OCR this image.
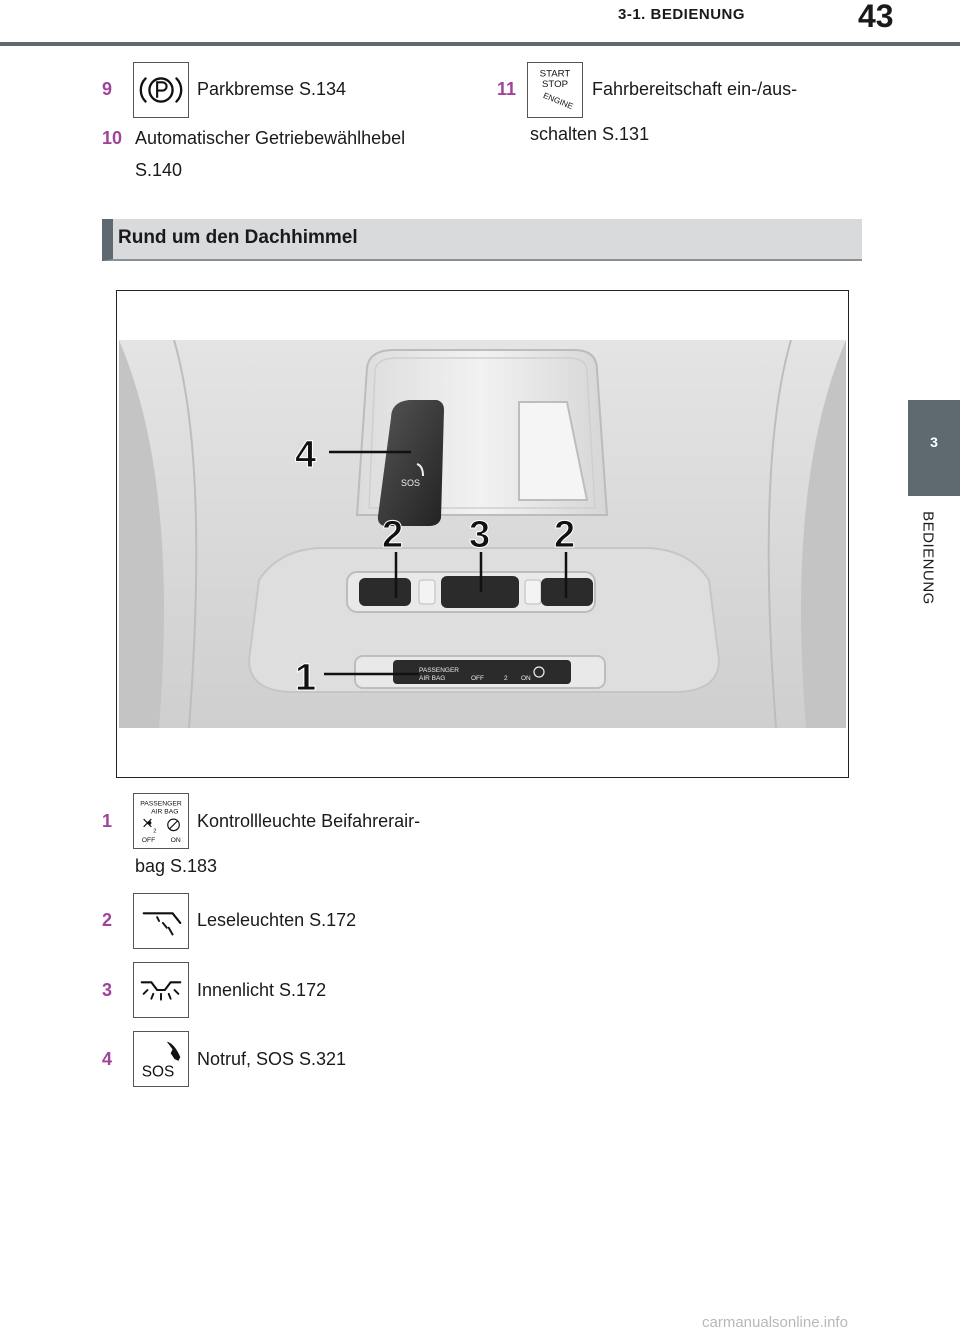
3-1. BEDIENUNG	43
3
BEDIENUNG
9	Parkbremse S.134
10 Automatischer Getriebewählhebel
S.140
11
START
STOP
ENGINE
Fahrbereitschaft ein-/aus-
schalten S.131
Rund um den Dachhimmel
SOS
PASSENGER
AIR BAG	OFF	2 ON
4
2 3 2
1
1
PASSENGER
AIR BAG
2
OFF ON
Kontrollleuchte Beifahrerair-
bag S.183
2	Leseleuchten S.172
3	Innenlicht S.172
4
SOS
Notruf, SOS S.321
carmanualsonline.info
